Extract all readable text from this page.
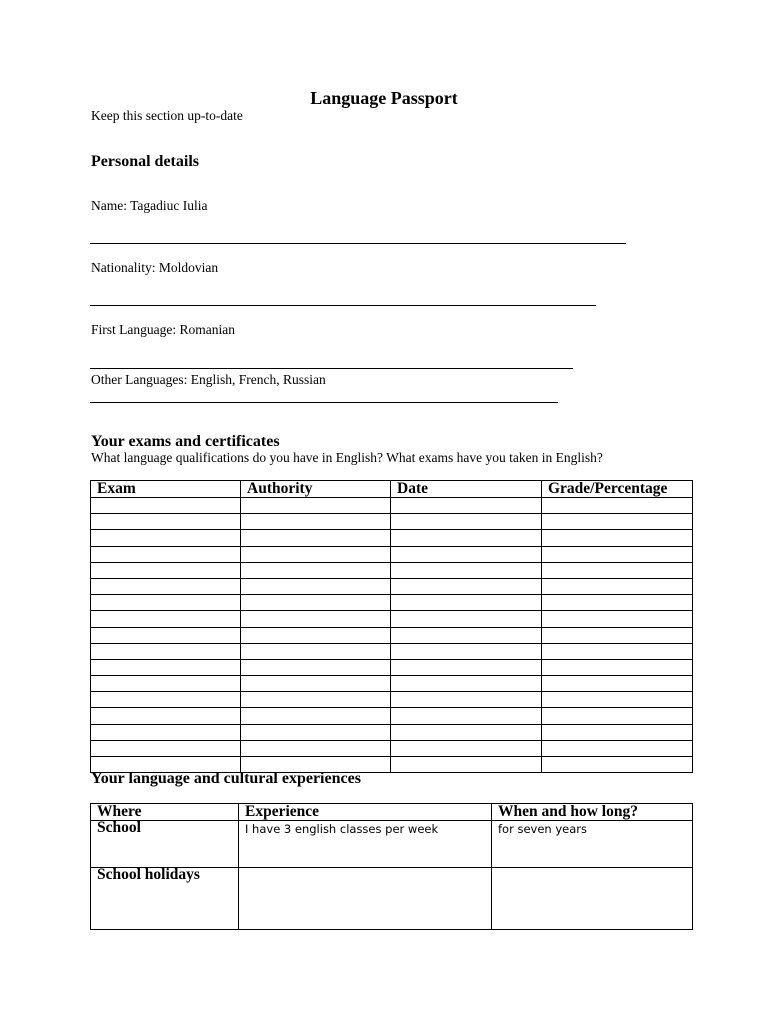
Language Passport
Keep this section up-to-date
Personal details
Name: Tagadiuc Iulia
Nationality: Moldovian
First Language: Romanian
Other Languages: English, French, Russian
Your exams and certificates
What language qualifications do you have in English? What exams have you taken in English?
Exam	Authority	Date	Grade/Percentage

Your language and cultural experiences
Where	Experience	When and how long?
School	I have 3 english classes per week	for seven years
School holidays		
